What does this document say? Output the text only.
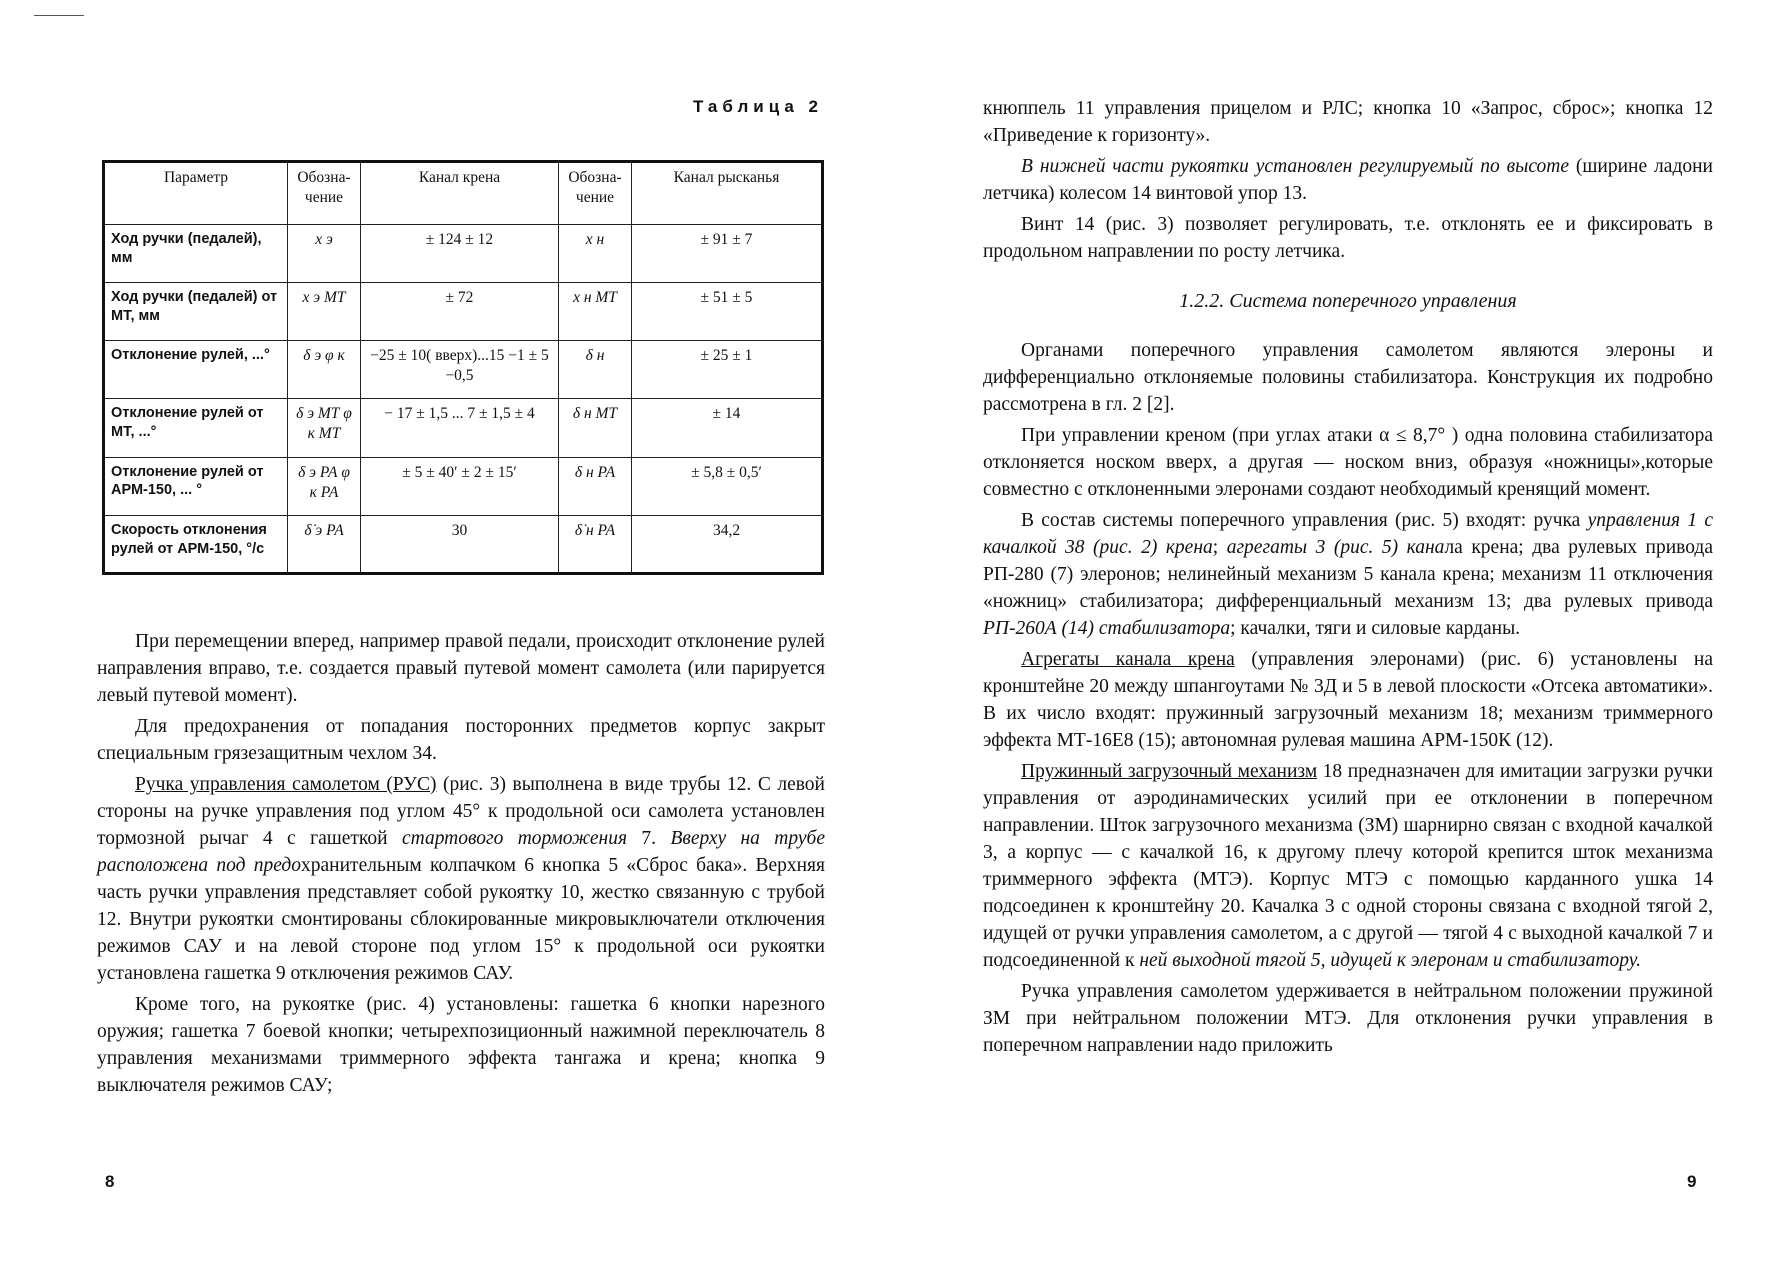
Таблица 2
Параметр	Обозна-чение	Канал крена	Обозна-чение	Канал рысканья
Ход ручки (педалей), мм	x э	± 124 ± 12	x н	± 91 ± 7
Ход ручки (педалей) от МТ, мм	x э МТ	± 72	x н МТ	± 51 ± 5
Отклонение рулей, ...°	δ э φ к	−25 ± 10( вверх)...15 −1 ± 5 −0,5	δ н	± 25 ± 1
Отклонение рулей от МТ, ...°	δ э МТ φ к МТ	− 17 ± 1,5 ... 7 ± 1,5 ± 4	δ н МТ	± 14
Отклонение рулей от АРМ-150, ... °	δ э РА φ к РА	± 5 ± 40′ ± 2 ± 15′	δ н РА	± 5,8 ± 0,5′
Скорость отклонения рулей от АРМ-150, °/с	δ̇ э РА	30	δ̇ н РА	34,2

При перемещении вперед, например правой педали, происходит отклонение рулей направления вправо, т.е. создается правый путевой момент самолета (или парируется левый путевой момент).

Для предохранения от попадания посторонних предметов корпус закрыт специальным грязезащитным чехлом 34.

Ручка управления самолетом (РУС) (рис. 3) выполнена в виде трубы 12. С левой стороны на ручке управления под углом 45° к продольной оси самолета установлен тормозной рычаг 4 с гашеткой стартового торможения 7. Вверху на трубе расположена под предохранительным колпачком 6 кнопка 5 «Сброс бака». Верхняя часть ручки управления представляет собой рукоятку 10, жестко связанную с трубой 12. Внутри рукоятки смонтированы сблокированные микровыключатели отключения режимов САУ и на левой стороне под углом 15° к продольной оси рукоятки установлена гашетка 9 отключения режимов САУ.

Кроме того, на рукоятке (рис. 4) установлены: гашетка 6 кнопки нарезного оружия; гашетка 7 боевой кнопки; четырехпозиционный нажимной переключатель 8 управления механизмами триммерного эффекта тангажа и крена; кнопка 9 выключателя режимов САУ;

8

кнюппель 11 управления прицелом и РЛС; кнопка 10 «Запрос, сброс»; кнопка 12 «Приведение к горизонту».

В нижней части рукоятки установлен регулируемый по высоте (ширине ладони летчика) колесом 14 винтовой упор 13.

Винт 14 (рис. 3) позволяет регулировать, т.е. отклонять ее и фиксировать в продольном направлении по росту летчика.

1.2.2. Система поперечного управления

Органами поперечного управления самолетом являются элероны и дифференциально отклоняемые половины стабилизатора. Конструкция их подробно рассмотрена в гл. 2 [2].

При управлении креном (при углах атаки α ≤ 8,7° ) одна половина стабилизатора отклоняется носком вверх, а другая — носком вниз, образуя «ножницы»,которые совместно с отклоненными элеронами создают необходимый кренящий момент.

В состав системы поперечного управления (рис. 5) входят: ручка управления 1 с качалкой 38 (рис. 2) крена; агрегаты 3 (рис. 5) канала крена; два рулевых привода РП-280 (7) элеронов; нелинейный механизм 5 канала крена; механизм 11 отключения «ножниц» стабилизатора; дифференциальный механизм 13; два рулевых привода РП-260А (14) стабилизатора; качалки, тяги и силовые карданы.

Агрегаты канала крена (управления элеронами) (рис. 6) установлены на кронштейне 20 между шпангоутами № 3Д и 5 в левой плоскости «Отсека автоматики». В их число входят: пружинный загрузочный механизм 18; механизм триммерного эффекта МТ-16Е8 (15); автономная рулевая машина АРМ-150К (12).

Пружинный загрузочный механизм 18 предназначен для имитации загрузки ручки управления от аэродинамических усилий при ее отклонении в поперечном направлении. Шток загрузочного механизма (ЗМ) шарнирно связан с входной качалкой 3, а корпус — с качалкой 16, к другому плечу которой крепится шток механизма триммерного эффекта (МТЭ). Корпус МТЭ с помощью карданного ушка 14 подсоединен к кронштейну 20. Качалка 3 с одной стороны связана с входной тягой 2, идущей от ручки управления самолетом, а с другой — тягой 4 с выходной качалкой 7 и подсоединенной к ней выходной тягой 5, идущей к элеронам и стабилизатору.

Ручка управления самолетом удерживается в нейтральном положении пружиной ЗМ при нейтральном положении МТЭ. Для отклонения ручки управления в поперечном направлении надо приложить

9
